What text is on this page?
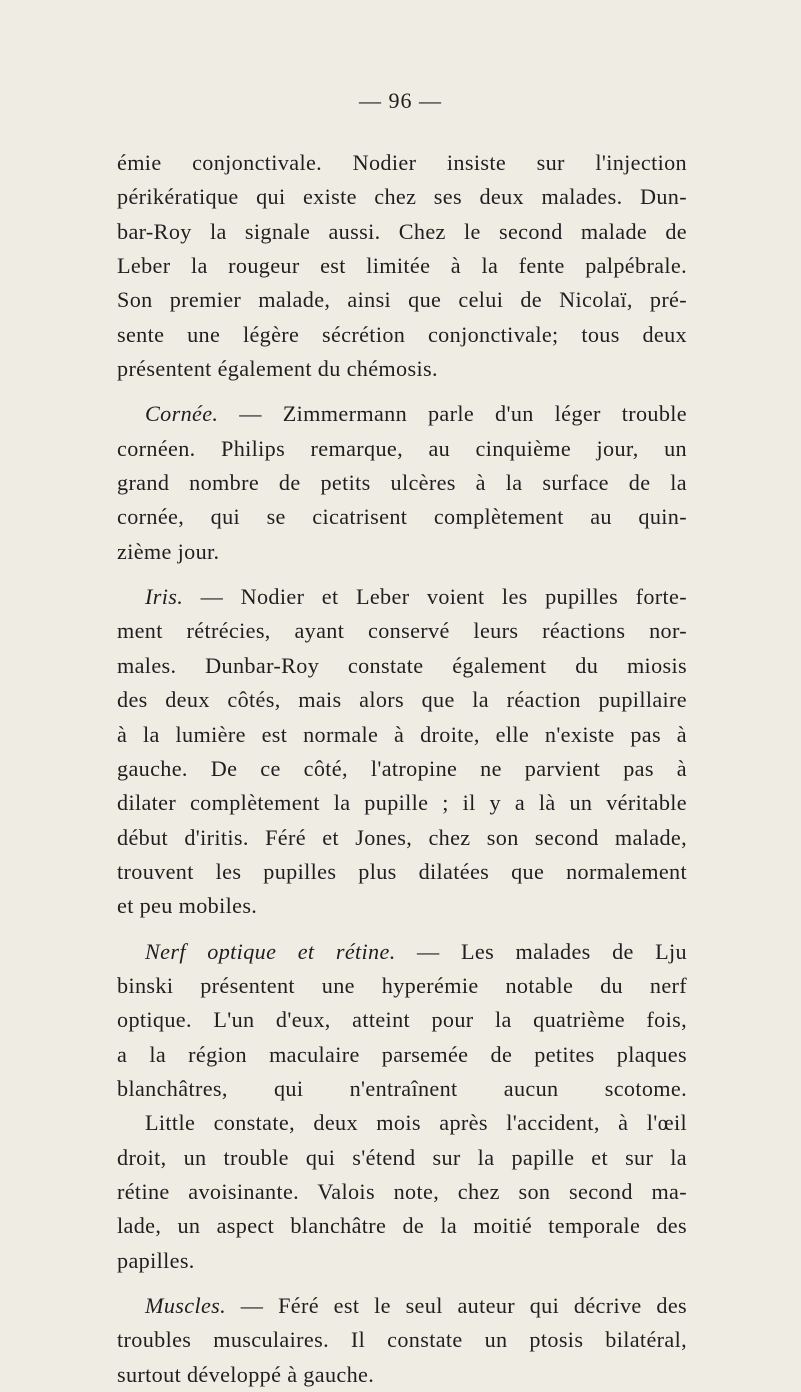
— 96 —
émie conjonctivale. Nodier insiste sur l'injection
périkératique qui existe chez ses deux malades. Dun-
bar-Roy la signale aussi. Chez le second malade de
Leber la rougeur est limitée à la fente palpébrale.
Son premier malade, ainsi que celui de Nicolaï, pré-
sente une légère sécrétion conjonctivale; tous deux
présentent également du chémosis.
Cornée. — Zimmermann parle d'un léger trouble
cornéen. Philips remarque, au cinquième jour, un
grand nombre de petits ulcères à la surface de la
cornée, qui se cicatrisent complètement au quin-
zième jour.
Iris. — Nodier et Leber voient les pupilles forte-
ment rétrécies, ayant conservé leurs réactions nor-
males. Dunbar-Roy constate également du miosis
des deux côtés, mais alors que la réaction pupillaire
à la lumière est normale à droite, elle n'existe pas à
gauche. De ce côté, l'atropine ne parvient pas à
dilater complètement la pupille ; il y a là un véritable
début d'iritis. Féré et Jones, chez son second malade,
trouvent les pupilles plus dilatées que normalement
et peu mobiles.
Nerf optique et rétine. — Les malades de Lju
binski présentent une hyperémie notable du nerf
optique. L'un d'eux, atteint pour la quatrième fois,
a la région maculaire parsemée de petites plaques
blanchâtres, qui n'entraînent aucun scotome.
Little constate, deux mois après l'accident, à l'œil
droit, un trouble qui s'étend sur la papille et sur la
rétine avoisinante. Valois note, chez son second ma-
lade, un aspect blanchâtre de la moitié temporale des
papilles.
Muscles. — Féré est le seul auteur qui décrive des
troubles musculaires. Il constate un ptosis bilatéral,
surtout développé à gauche.
